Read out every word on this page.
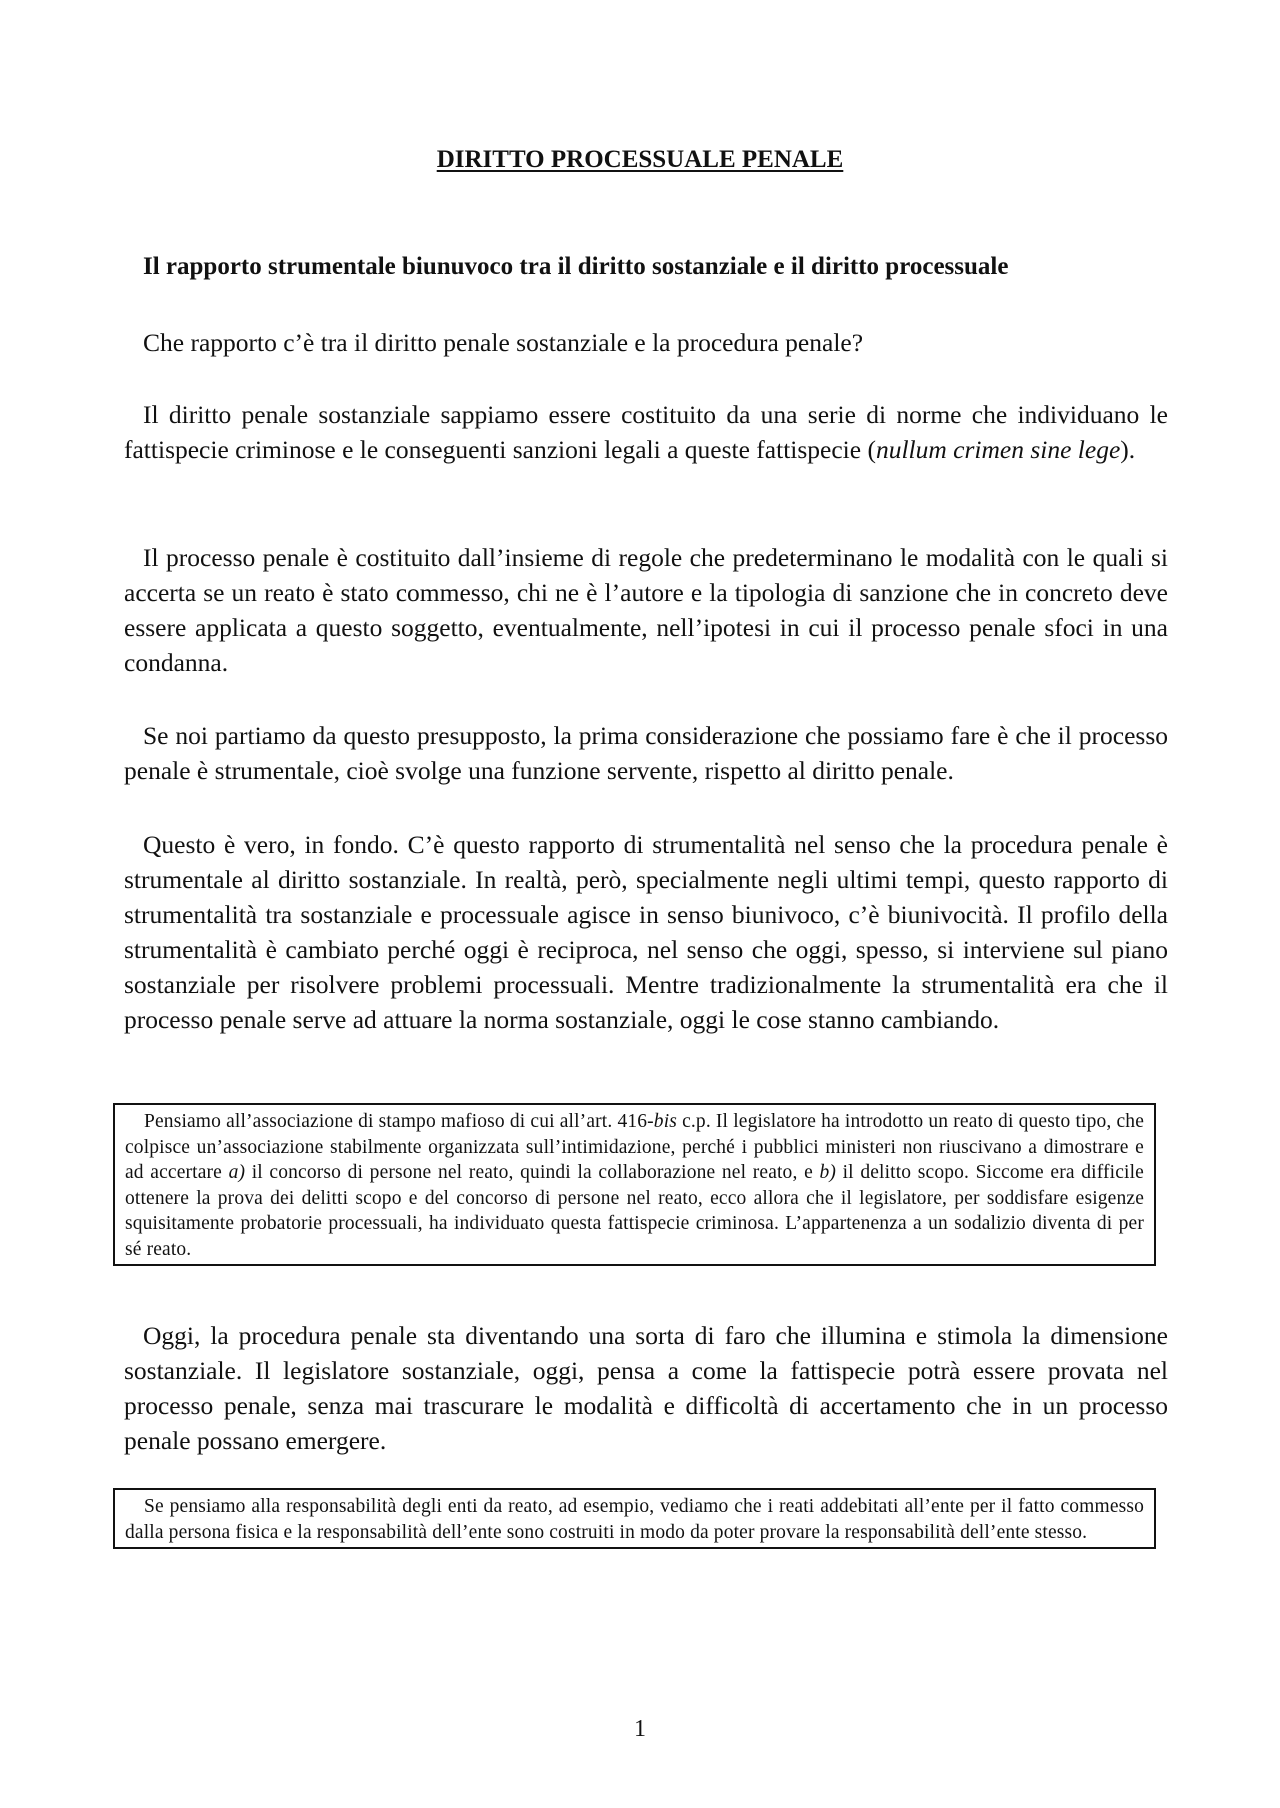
DIRITTO PROCESSUALE PENALE
Il rapporto strumentale biunuvoco tra il diritto sostanziale e il diritto processuale

Che rapporto c’è tra il diritto penale sostanziale e la procedura penale?

Il diritto penale sostanziale sappiamo essere costituito da una serie di norme che individuano le fattispecie criminose e le conseguenti sanzioni legali a queste fattispecie (nullum crimen sine lege).

Il processo penale è costituito dall’insieme di regole che predeterminano le modalità con le quali si accerta se un reato è stato commesso, chi ne è l’autore e la tipologia di sanzione che in concreto deve essere applicata a questo soggetto, eventualmente, nell’ipotesi in cui il processo penale sfoci in una condanna.

Se noi partiamo da questo presupposto, la prima considerazione che possiamo fare è che il processo penale è strumentale, cioè svolge una funzione servente, rispetto al diritto penale.

Questo è vero, in fondo. C’è questo rapporto di strumentalità nel senso che la procedura penale è strumentale al diritto sostanziale. In realtà, però, specialmente negli ultimi tempi, questo rapporto di strumentalità tra sostanziale e processuale agisce in senso biunivoco, c’è biunivocità. Il profilo della strumentalità è cambiato perché oggi è reciproca, nel senso che oggi, spesso, si interviene sul piano sostanziale per risolvere problemi processuali. Mentre tradizionalmente la strumentalità era che il processo penale serve ad attuare la norma sostanziale, oggi le cose stanno cambiando.

Pensiamo all’associazione di stampo mafioso di cui all’art. 416-bis c.p. Il legislatore ha introdotto un reato di questo tipo, che colpisce un’associazione stabilmente organizzata sull’intimidazione, perché i pubblici ministeri non riuscivano a dimostrare e ad accertare a) il concorso di persone nel reato, quindi la collaborazione nel reato, e b) il delitto scopo. Siccome era difficile ottenere la prova dei delitti scopo e del concorso di persone nel reato, ecco allora che il legislatore, per soddisfare esigenze squisitamente probatorie processuali, ha individuato questa fattispecie criminosa. L’appartenenza a un sodalizio diventa di per sé reato.

Oggi, la procedura penale sta diventando una sorta di faro che illumina e stimola la dimensione sostanziale. Il legislatore sostanziale, oggi, pensa a come la fattispecie potrà essere provata nel processo penale, senza mai trascurare le modalità e difficoltà di accertamento che in un processo penale possano emergere.

Se pensiamo alla responsabilità degli enti da reato, ad esempio, vediamo che i reati addebitati all’ente per il fatto commesso dalla persona fisica e la responsabilità dell’ente sono costruiti in modo da poter provare la responsabilità dell’ente stesso.

1
